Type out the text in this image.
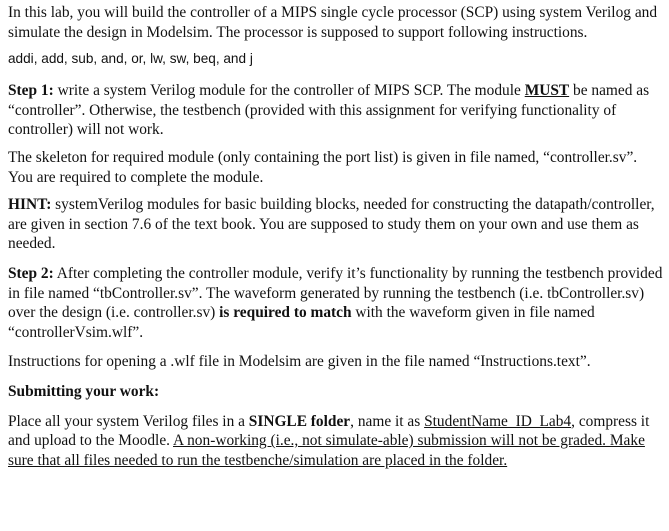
In this lab, you will build the controller of a MIPS single cycle processor (SCP) using system Verilog and simulate the design in Modelsim. The processor is supposed to support following instructions.

addi, add, sub, and, or, lw, sw, beq, and j

Step 1: write a system Verilog module for the controller of MIPS SCP. The module MUST be named as “controller”. Otherwise, the testbench (provided with this assignment for verifying functionality of controller) will not work.

The skeleton for required module (only containing the port list) is given in file named, “controller.sv”. You are required to complete the module.

HINT: systemVerilog modules for basic building blocks, needed for constructing the datapath/controller, are given in section 7.6 of the text book. You are supposed to study them on your own and use them as needed.

Step 2: After completing the controller module, verify it’s functionality by running the testbench provided in file named “tbController.sv”. The waveform generated by running the testbench (i.e. tbController.sv) over the design (i.e. controller.sv) is required to match with the waveform given in file named “controllerVsim.wlf”.

Instructions for opening a .wlf file in Modelsim are given in the file named “Instructions.text”.

Submitting your work:

Place all your system Verilog files in a SINGLE folder, name it as StudentName_ID_Lab4, compress it and upload to the Moodle. A non-working (i.e., not simulate-able) submission will not be graded. Make sure that all files needed to run the testbenche/simulation are placed in the folder.
